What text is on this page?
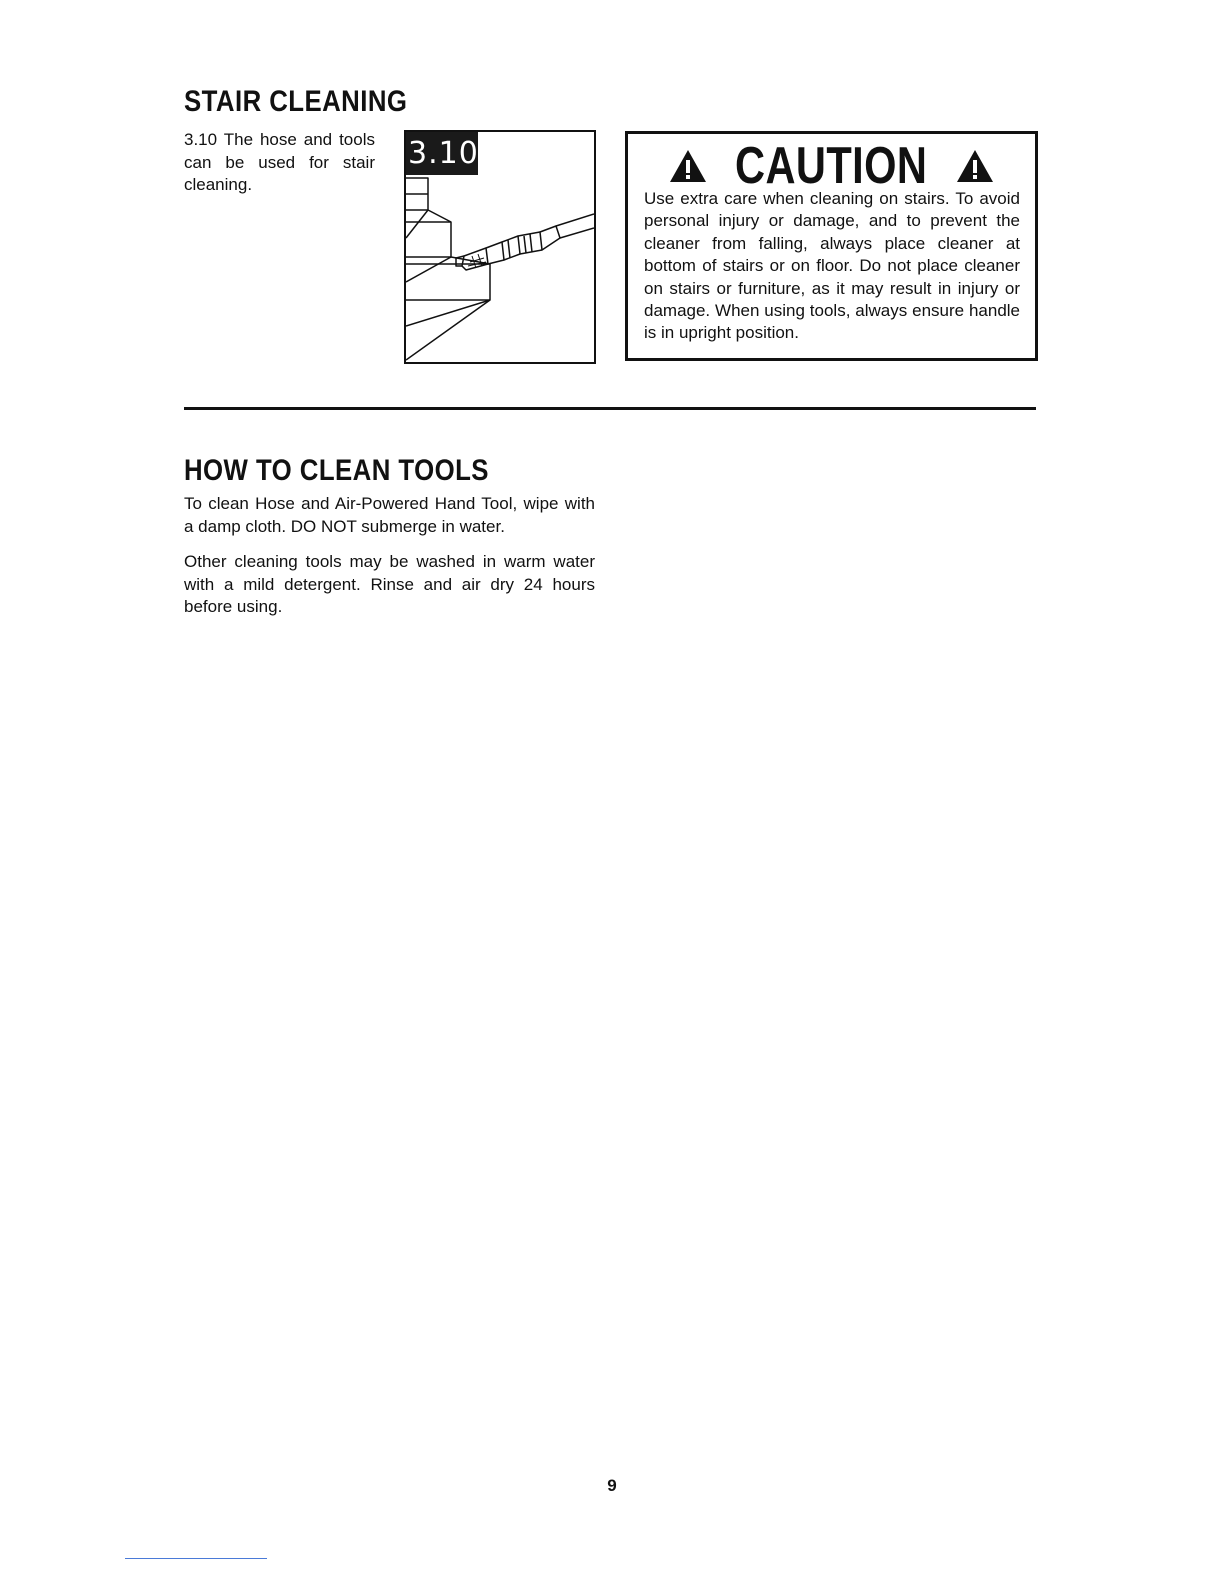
STAIR CLEANING
3.10 The hose and tools can be used for stair cleaning.
3.10	CAUTION
Use extra care when cleaning on stairs. To avoid personal injury or damage, and to prevent the cleaner from falling, always place cleaner at bottom of stairs or on floor. Do not place cleaner on stairs or furniture, as it may result in injury or damage. When using tools, always ensure handle is in upright position.
HOW TO CLEAN TOOLS
To clean Hose and Air-Powered Hand Tool, wipe with a damp cloth. DO NOT submerge in water.
Other cleaning tools may be washed in warm water with a mild detergent. Rinse and air dry 24 hours before using.
9
